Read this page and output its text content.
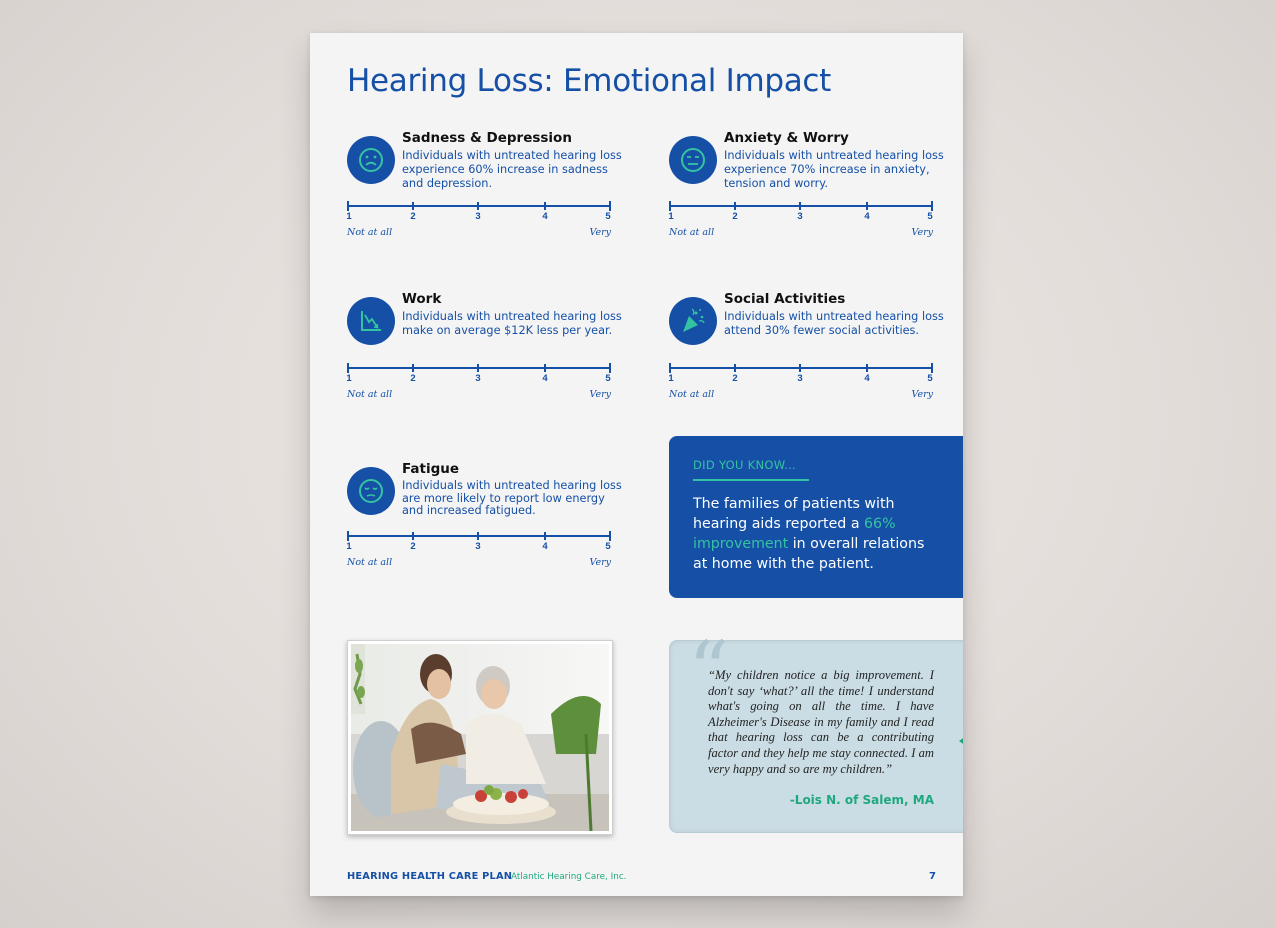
Hearing Loss: Emotional Impact
Sadness & Depression
Individuals with untreated hearing loss experience 60% increase in sadness and depression.
1	2	3	4	5
Not at all	Very
Anxiety & Worry
Individuals with untreated hearing loss experience 70% increase in anxiety, tension and worry.
1	2	3	4	5
Not at all	Very
Work
Individuals with untreated hearing loss make on average $12K less per year.
1	2	3	4	5
Not at all	Very
Social Activities
Individuals with untreated hearing loss attend 30% fewer social activities.
1	2	3	4	5
Not at all	Very
Fatigue
Individuals with untreated hearing loss are more likely to report low energy and increased fatigued.
1	2	3	4	5
Not at all	Very
DID YOU KNOW...
The families of patients with hearing aids reported a 66% improvement in overall relations at home with the patient.
“
“My children notice a big improvement. I don't say ‘what?’ all the time! I understand what's going on all the time. I have Alzheimer's Disease in my family and I read that hearing loss can be a contributing factor and they help me stay connected. I am very happy and so are my children.”
-Lois N. of Salem, MA
HEARING HEALTH CARE PLAN
Atlantic Hearing Care, Inc.	7
